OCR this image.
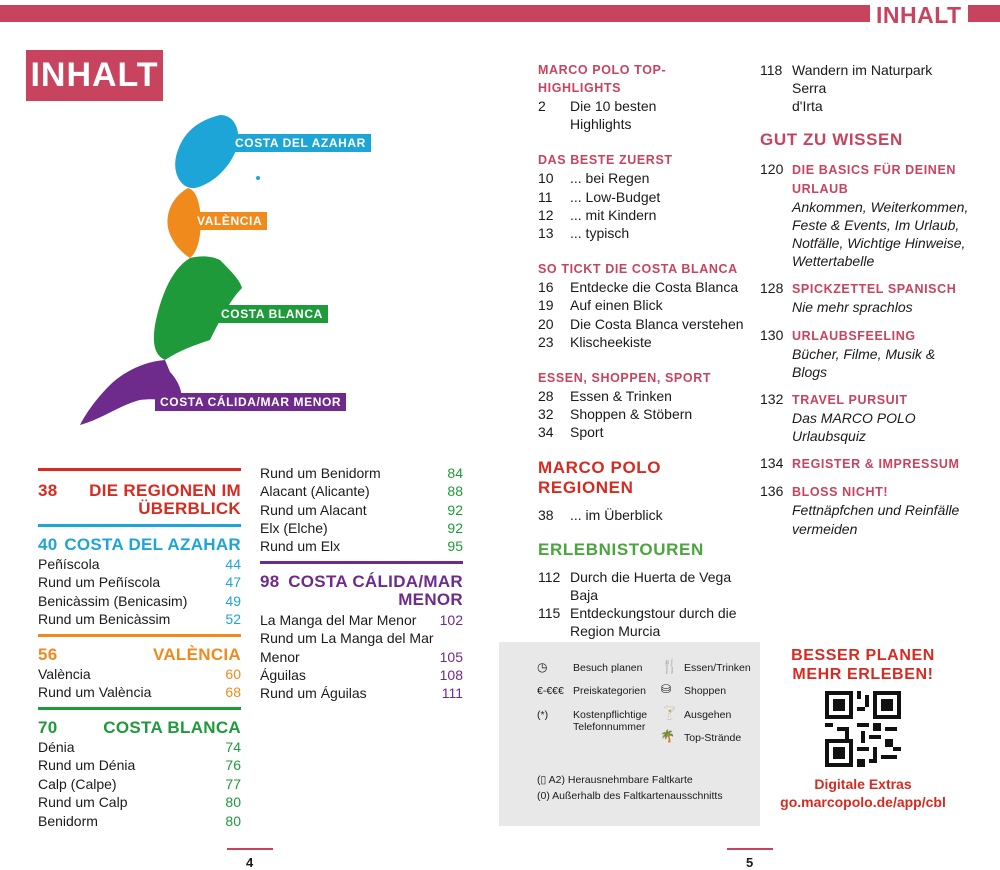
INHALT
INHALT
COSTA DEL AZAHAR
VALÈNCIA
COSTA BLANCA
COSTA CÁLIDA/MAR MENOR
38 DIE REGIONEN IM
ÜBERBLICK
40 COSTA DEL AZAHAR
Peñíscola	44
Rund um Peñíscola	47
Benicàssim (Benicasim)	49
Rund um Benicàssim	52
56	VALÈNCIA
València	60
Rund um València	68
70	COSTA BLANCA
Dénia	74
Rund um Dénia	76
Calp (Calpe)	77
Rund um Calp	80
Benidorm	80
Rund um Benidorm	84
Alacant (Alicante)	88
Rund um Alacant	92
Elx (Elche)	92
Rund um Elx	95
98 COSTA CÁLIDA/MAR
MENOR
La Manga del Mar Menor 102
Rund um La Manga del Mar
Menor	105
Águilas	108
Rund um Águilas	111
MARCO POLO TOP-HIGHLIGHTS
2 Die 10 besten
Highlights
DAS BESTE ZUERST
10 ... bei Regen
11 ... Low-Budget
12 ... mit Kindern
13 ... typisch
SO TICKT DIE COSTA BLANCA
16 Entdecke die Costa Blanca
19 Auf einen Blick
20 Die Costa Blanca verstehen
23 Klischeekiste
ESSEN, SHOPPEN, SPORT
28 Essen & Trinken
32 Shoppen & Stöbern
34 Sport
MARCO POLO REGIONEN
38 ... im Überblick
ERLEBNISTOUREN
112 Durch die Huerta de Vega Baja
115 Entdeckungstour durch die
Region Murcia
118 Wandern im Naturpark Serra
d'Irta
GUT ZU WISSEN
120 DIE BASICS FÜR DEINEN
URLAUB
Ankommen, Weiterkommen,
Feste & Events, Im Urlaub,
Notfälle, Wichtige Hinweise,
Wettertabelle
128 SPICKZETTEL SPANISCH
Nie mehr sprachlos
130 URLAUBSFEELING
Bücher, Filme, Musik & Blogs
132 TRAVEL PURSUIT
Das MARCO POLO Urlaubsquiz
134 REGISTER & IMPRESSUM
136 BLOSS NICHT!
Fettnäpfchen und Reinfälle
vermeiden
◷ Besuch planen
€-€€€ Preiskategorien
(*) Kostenpflichtige
Telefonnummer
🍴 Essen/Trinken
⛁ Shoppen
🍸 Ausgehen
🌴 Top-Strände
(▯ A2) Herausnehmbare Faltkarte
(0) Außerhalb des Faltkartenausschnitts
BESSER PLANEN
MEHR ERLEBEN!
Digitale Extras
go.marcopolo.de/app/cbl
4	5
